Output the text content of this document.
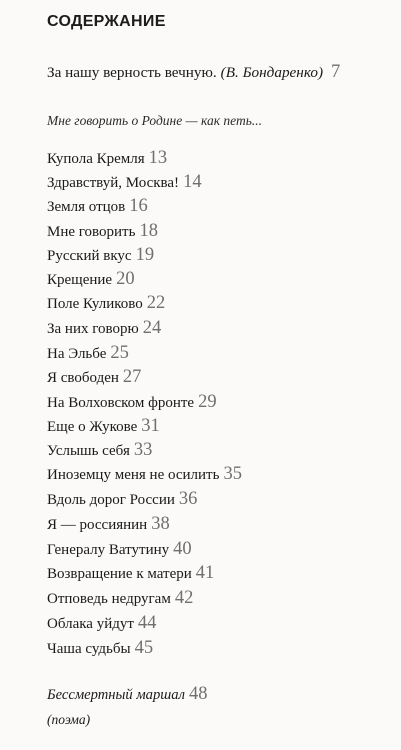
СОДЕРЖАНИЕ
За нашу верность вечную. (В. Бондаренко) 7
Мне говорить о Родине — как петь...
Купола Кремля 13
Здравствуй, Москва! 14
Земля отцов 16
Мне говорить 18
Русский вкус 19
Крещение 20
Поле Куликово 22
За них говорю 24
На Эльбе 25
Я свободен 27
На Волховском фронте 29
Еще о Жукове 31
Услышь себя 33
Иноземцу меня не осилить 35
Вдоль дорог России 36
Я — россиянин 38
Генералу Ватутину 40
Возвращение к матери 41
Отповедь недругам 42
Облака уйдут 44
Чаша судьбы 45
Бессмертный маршал 48
(поэма)
